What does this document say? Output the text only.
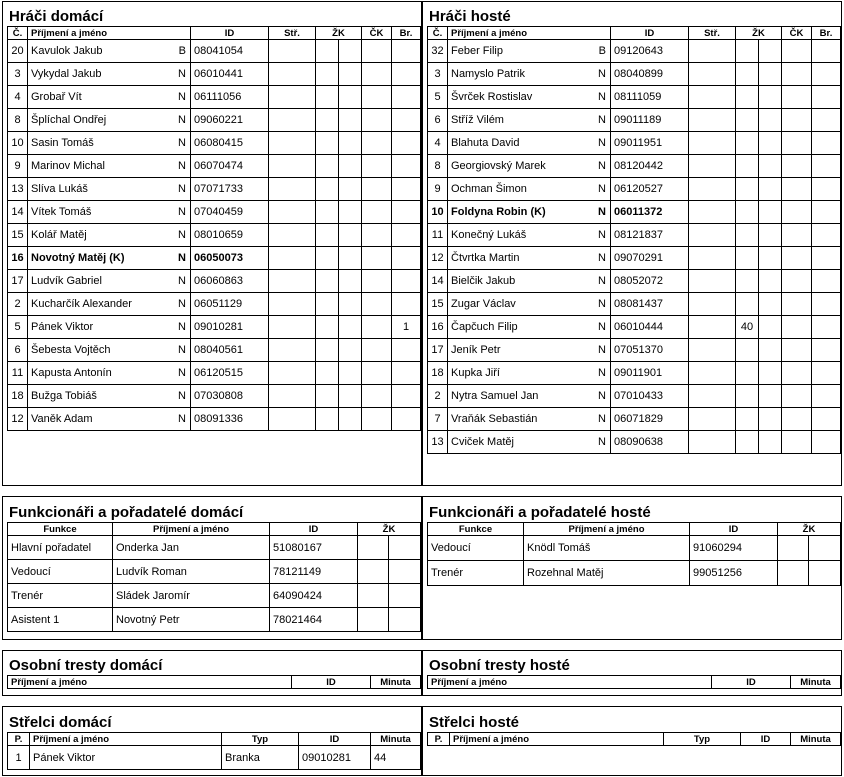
Hráči domácí
Č.	Příjmení a jméno	ID	Stř.	ŽK		ČK	Br.
20	Kavulok Jakub B	08041054					
3	Vykydal Jakub N	06010441					
4	Grobař Vít N	06111056					
8	Šplíchal Ondřej N	09060221					
10	Sasin Tomáš N	06080415					
9	Marinov Michal N	06070474					
13	Slíva Lukáš N	07071733					
14	Vítek Tomáš N	07040459					
15	Kolář Matěj N	08010659					
16	Novotný Matěj (K) N	06050073					
17	Ludvík Gabriel N	06060863					
2	Kucharčík Alexander N	06051129					
5	Pánek Viktor N	09010281					1
6	Šebesta Vojtěch N	08040561					
11	Kapusta Antonín N	06120515					
18	Bužga Tobiáš N	07030808					
12	Vaněk Adam N	08091336					
Hráči hosté
Č.	Příjmení a jméno	ID	Stř.	ŽK		ČK	Br.
32	Feber Filip B	09120643					
3	Namyslo Patrik N	08040899					
5	Švrček Rostislav N	08111059					
6	Stříž Vilém N	09011189					
4	Blahuta David N	09011951					
8	Georgiovský Marek N	08120442					
9	Ochman Šimon N	06120527					
10	Foldyna Robin (K) N	06011372					
11	Konečný Lukáš N	08121837					
12	Čtvrtka Martin N	09070291					
14	Bielčik Jakub N	08052072					
15	Zugar Václav N	08081437					
16	Čapčuch Filip N	06010444		40			
17	Jeník Petr N	07051370					
18	Kupka Jiří N	09011901					
2	Nytra Samuel Jan N	07010433					
7	Vraňák Sebastián N	06071829					
13	Cviček Matěj N	08090638					
Funkcionáři a pořadatelé domácí
Funkce	Příjmení a jméno	ID	ŽK	
Hlavní pořadatel	Onderka Jan	51080167		
Vedoucí	Ludvík Roman	78121149		
Trenér	Sládek Jaromír	64090424		
Asistent 1	Novotný Petr	78021464		
Funkcionáři a pořadatelé hosté
Funkce	Příjmení a jméno	ID	ŽK	
Vedoucí	Knödl Tomáš	91060294		
Trenér	Rozehnal Matěj	99051256		
Osobní tresty domácí
Příjmení a jméno	ID	Minuta
Osobní tresty hosté
Příjmení a jméno	ID	Minuta
Střelci domácí
P.	Příjmení a jméno	Typ	ID	Minuta
1	Pánek Viktor	Branka	09010281	44
Střelci hosté
P.	Příjmení a jméno	Typ	ID	Minuta
